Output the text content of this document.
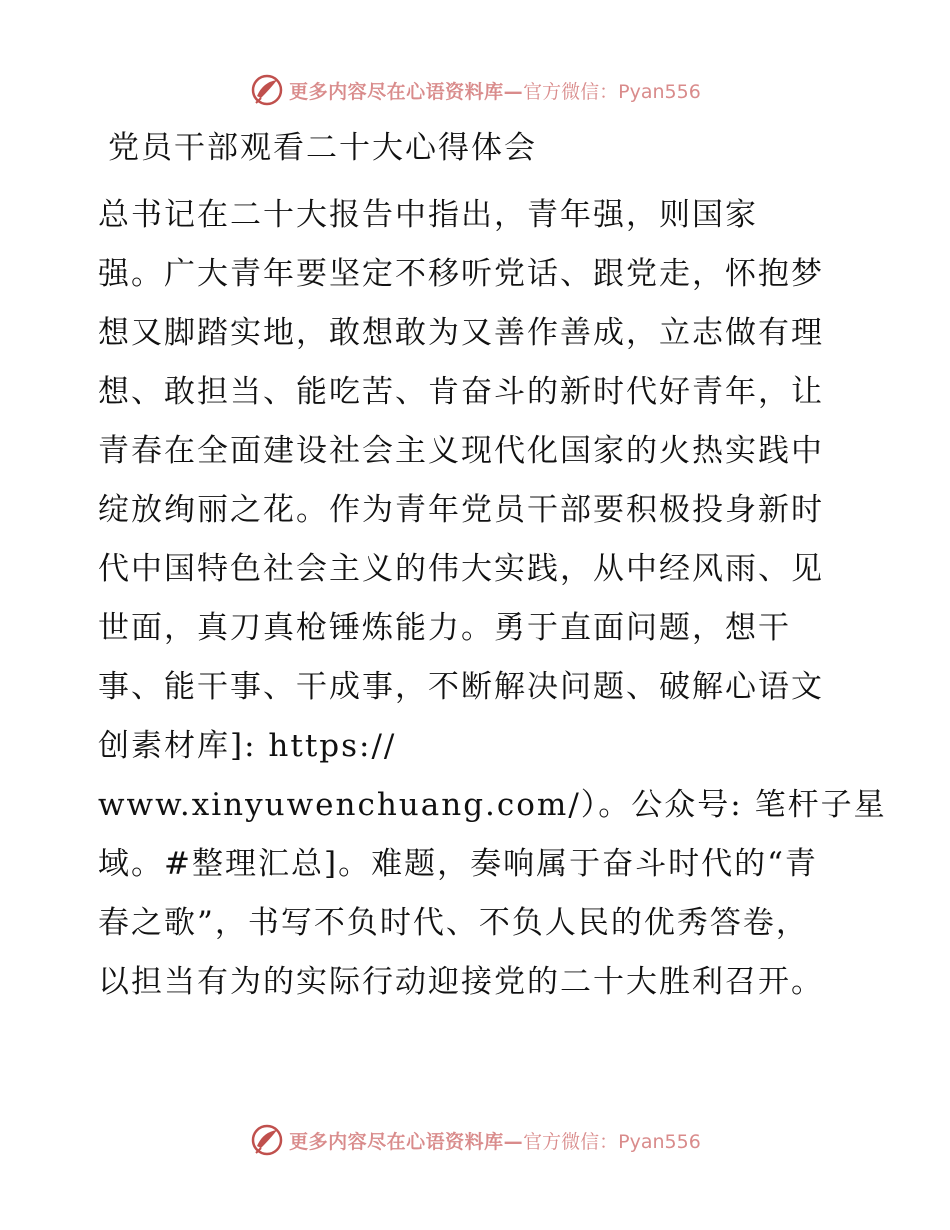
更多内容尽在心语资料库— 官方微信：Pyan556
党员干部观看二十大心得体会
总书记在二十大报告中指出，青年强，则国家
强。广大青年要坚定不移听党话、跟党走，怀抱梦
想又脚踏实地，敢想敢为又善作善成，立志做有理
想、敢担当、能吃苦、肯奋斗的新时代好青年，让
青春在全面建设社会主义现代化国家的火热实践中
绽放绚丽之花。作为青年党员干部要积极投身新时
代中国特色社会主义的伟大实践，从中经风雨、见
世面，真刀真枪锤炼能力。勇于直面问题，想干
事、能干事、干成事，不断解决问题、破解心语文
创素材库]: https://
www.xinyuwenchuang.com/）。公众号: 笔杆子星
域。#整理汇总]。难题，奏响属于奋斗时代的“青
春之歌”，书写不负时代、不负人民的优秀答卷，
以担当有为的实际行动迎接党的二十大胜利召开。
更多内容尽在心语资料库— 官方微信：Pyan556
